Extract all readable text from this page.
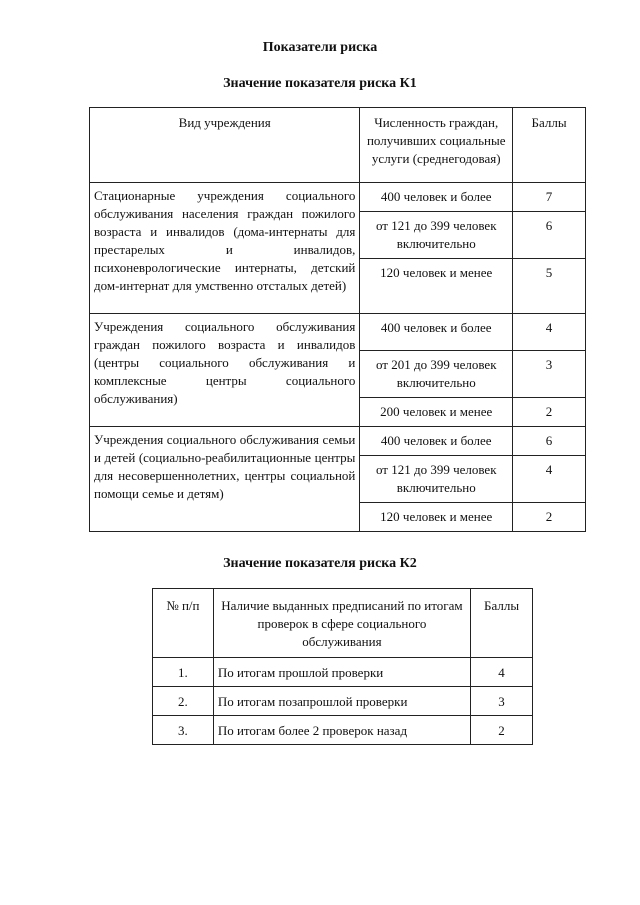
Показатели риска
Значение показателя риска К1
Вид учреждения	Численность граждан, получивших социальные услуги (среднегодовая)	Баллы
Стационарные учреждения социального обслуживания населения граждан пожилого возраста и инвалидов (дома-интернаты для престарелых и инвалидов, психоневрологические интернаты, детский дом-интернат для умственно отсталых детей)	400 человек и более	7
	от 121 до 399 человек включительно	6
	120 человек и менее	5
Учреждения социального обслуживания граждан пожилого возраста и инвалидов (центры социального обслуживания и комплексные центры социального обслуживания)	400 человек и более	4
	от 201 до 399 человек включительно	3
	200 человек и менее	2
Учреждения социального обслуживания семьи и детей (социально-реабилитационные центры для несовершеннолетних, центры социальной помощи семье и детям)	400 человек и более	6
	от 121 до 399 человек включительно	4
	120 человек и менее	2
Значение показателя риска К2
№ п/п	Наличие выданных предписаний по итогам проверок в сфере социального обслуживания	Баллы
1.	По итогам прошлой проверки	4
2.	По итогам позапрошлой проверки	3
3.	По итогам более 2 проверок назад	2
